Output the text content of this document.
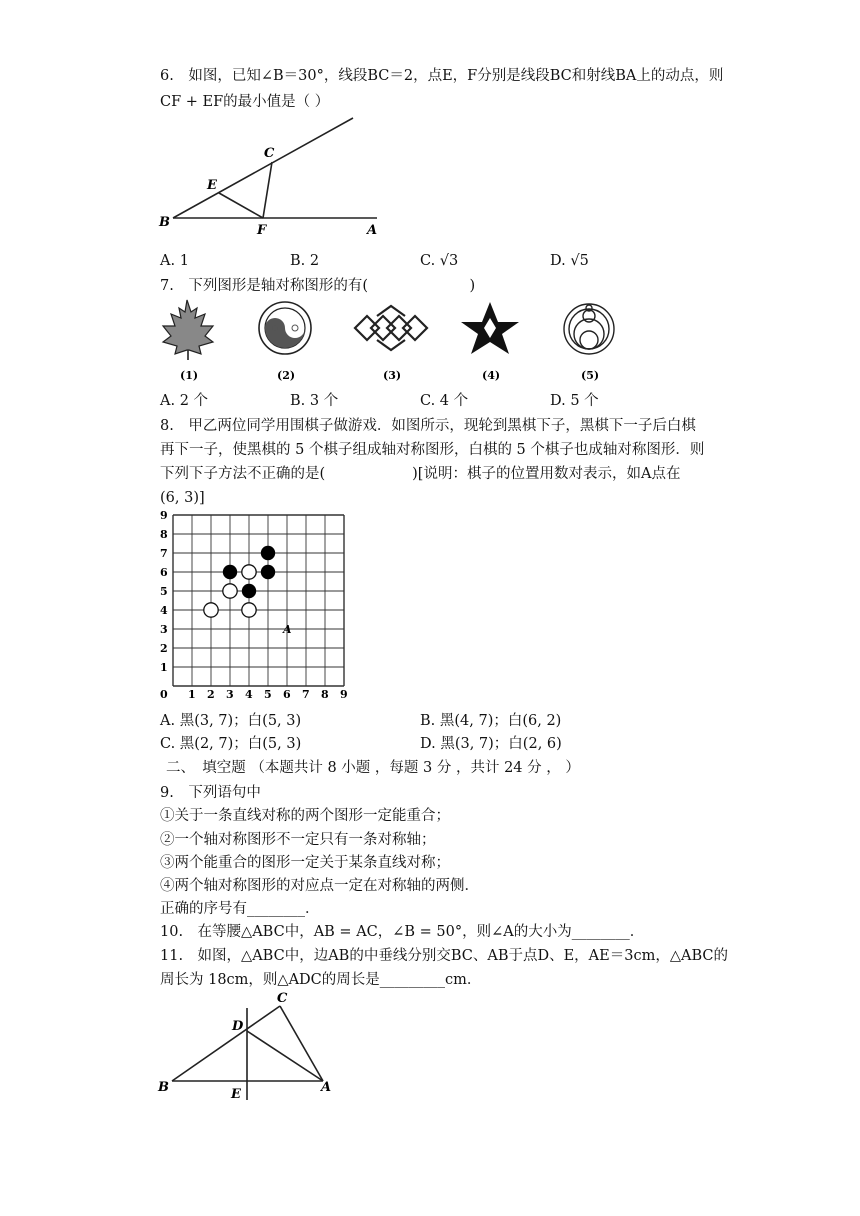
6.　如图，已知∠B＝30°，线段BC＝2，点E，F分别是线段BC和射线BA上的动点，则
CF + EF的最小值是（ ）
B
C
E
F	A
A. 1	B. 2	C. √3	D. √5
7.　下列图形是轴对称图形的有(　　　　　　　)
(1)	(2)	(3)	(4)	(5)
A. 2 个	B. 3 个	C. 4 个	D. 5 个
8.　甲乙两位同学用围棋子做游戏．如图所示，现轮到黑棋下子，黑棋下一子后白棋
再下一子，使黑棋的 5 个棋子组成轴对称图形，白棋的 5 个棋子也成轴对称图形．则
下列下子方法不正确的是(　　　　　　)[说明：棋子的位置用数对表示，如A点在
(6, 3)]
0 1 2 3 4 5 6 7 8 9
1
2
3
4
5
6
7
8
9
A
A. 黑(3, 7)；白(5, 3)	B. 黑(4, 7)；白(6, 2)
C. 黑(2, 7)；白(5, 3)	D. 黑(3, 7)；白(2, 6)
二、　填空题 （本题共计 8 小题 ，每题 3 分 ，共计 24 分 ， ）
9.　下列语句中
①关于一条直线对称的两个图形一定能重合；
②一个轴对称图形不一定只有一条对称轴；
③两个能重合的图形一定关于某条直线对称；
④两个轴对称图形的对应点一定在对称轴的两侧．
正确的序号有________．
10.　在等腰△ABC中，AB = AC，∠B = 50°，则∠A的大小为________．
11.　如图，△ABC中，边AB的中垂线分别交BC、AB于点D、E，AE＝3cm，△ABC的
周长为 18cm，则△ADC的周长是_________cm．
C
D
B	E	A
